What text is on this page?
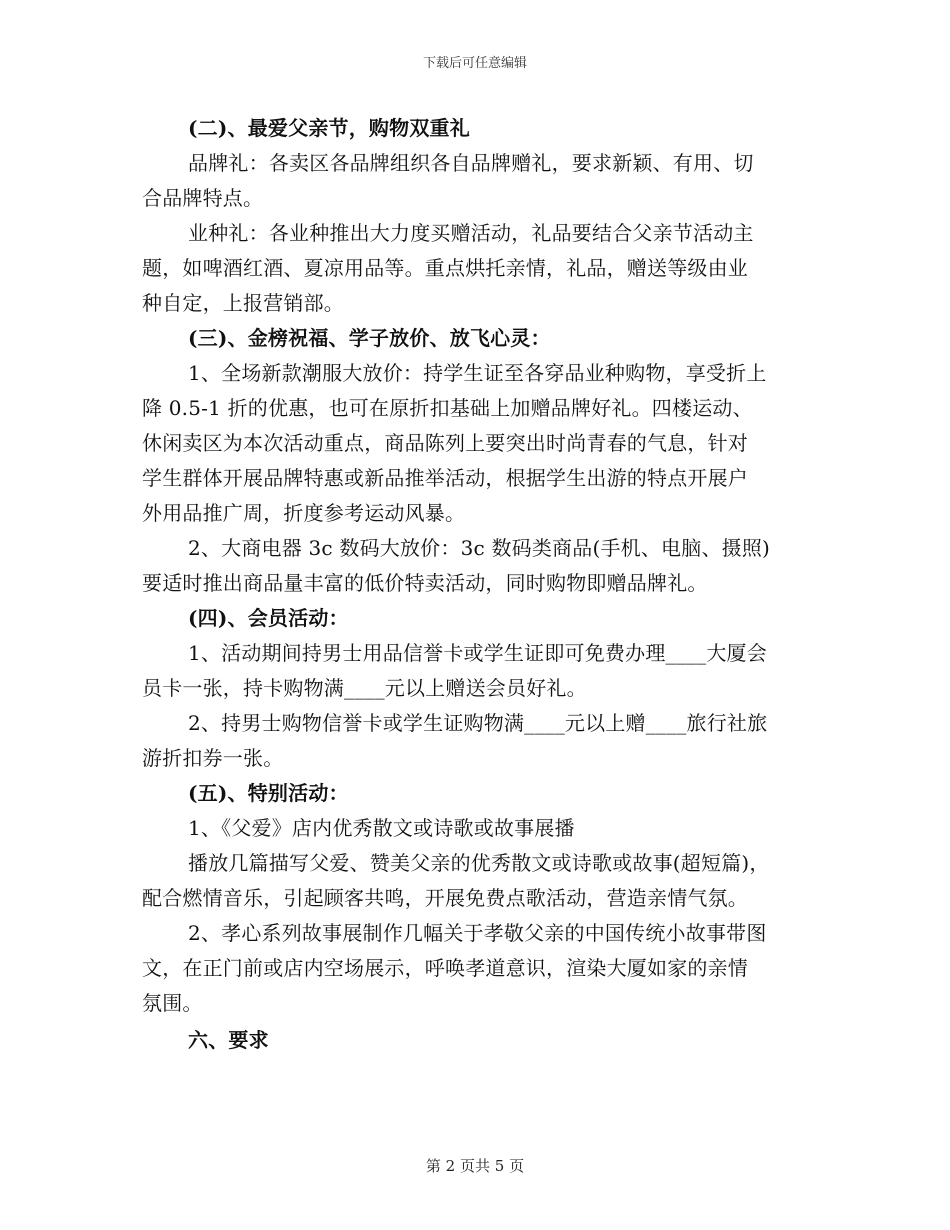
下载后可任意编辑
(二)、最爱父亲节，购物双重礼
品牌礼：各卖区各品牌组织各自品牌赠礼，要求新颖、有用、切
合品牌特点。
业种礼：各业种推出大力度买赠活动，礼品要结合父亲节活动主
题，如啤酒红酒、夏凉用品等。重点烘托亲情，礼品，赠送等级由业
种自定，上报营销部。
(三)、金榜祝福、学子放价、放飞心灵：
1、全场新款潮服大放价：持学生证至各穿品业种购物，享受折上
降 0.5-1 折的优惠，也可在原折扣基础上加赠品牌好礼。四楼运动、
休闲卖区为本次活动重点，商品陈列上要突出时尚青春的气息，针对
学生群体开展品牌特惠或新品推举活动，根据学生出游的特点开展户
外用品推广周，折度参考运动风暴。
2、大商电器 3c 数码大放价：3c 数码类商品(手机、电脑、摄照)
要适时推出商品量丰富的低价特卖活动，同时购物即赠品牌礼。
(四)、会员活动：
1、活动期间持男士用品信誉卡或学生证即可免费办理____大厦会
员卡一张，持卡购物满____元以上赠送会员好礼。
2、持男士购物信誉卡或学生证购物满____元以上赠____旅行社旅
游折扣券一张。
(五)、特别活动：
1、《父爱》店内优秀散文或诗歌或故事展播
播放几篇描写父爱、赞美父亲的优秀散文或诗歌或故事(超短篇)，
配合燃情音乐，引起顾客共鸣，开展免费点歌活动，营造亲情气氛。
2、孝心系列故事展制作几幅关于孝敬父亲的中国传统小故事带图
文，在正门前或店内空场展示，呼唤孝道意识，渲染大厦如家的亲情
氛围。
六、要求
第 2 页共 5 页
